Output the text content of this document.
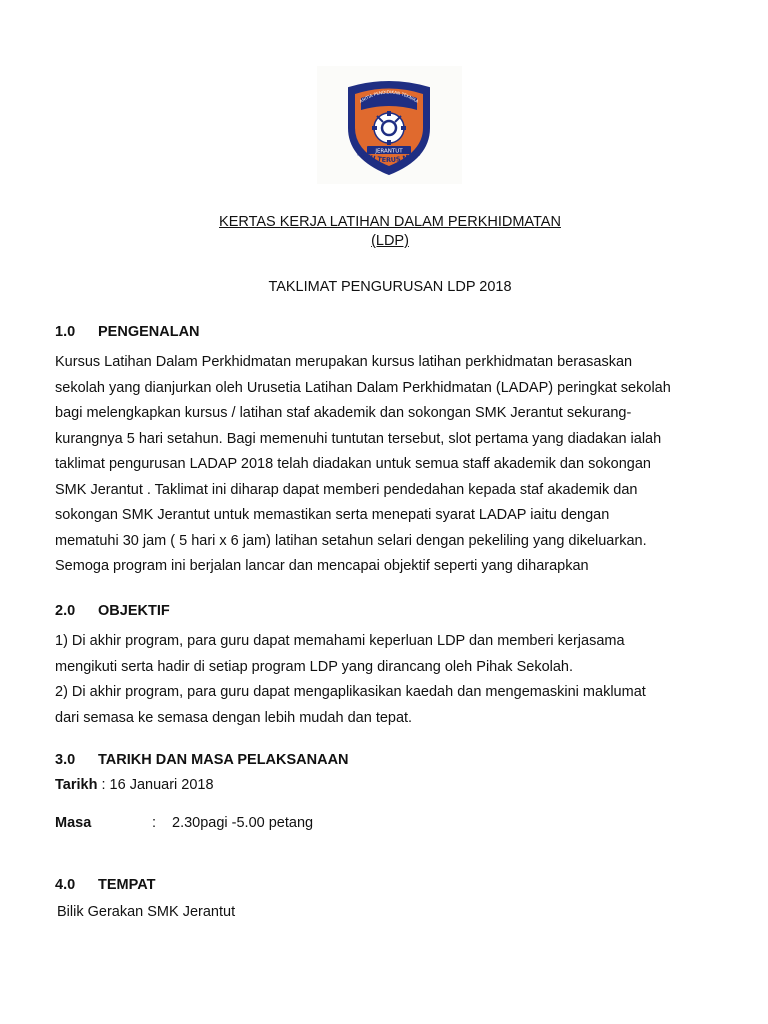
ANITIA PENDIDIKAN TEKNIKA
JERANTUT
MAJU TERUS MAJU
KERTAS KERJA LATIHAN DALAM PERKHIDMATAN
(LDP)
TAKLIMAT PENGURUSAN LDP 2018
1.0 PENGENALAN
Kursus Latihan Dalam Perkhidmatan merupakan kursus latihan perkhidmatan berasaskan
sekolah yang dianjurkan oleh Urusetia Latihan Dalam Perkhidmatan (LADAP) peringkat sekolah
bagi melengkapkan kursus / latihan staf akademik dan sokongan SMK Jerantut sekurang-
kurangnya 5 hari setahun. Bagi memenuhi tuntutan tersebut, slot pertama yang diadakan ialah
taklimat pengurusan LADAP 2018 telah diadakan untuk semua staff akademik dan sokongan
SMK Jerantut . Taklimat ini diharap dapat memberi pendedahan kepada staf akademik dan
sokongan SMK Jerantut untuk memastikan serta menepati syarat LADAP iaitu dengan
mematuhi 30 jam ( 5 hari x 6 jam) latihan setahun selari dengan pekeliling yang dikeluarkan.
Semoga program ini berjalan lancar dan mencapai objektif seperti yang diharapkan
2.0 OBJEKTIF
1) Di akhir program, para guru dapat memahami keperluan LDP dan memberi kerjasama
mengikuti serta hadir di setiap program LDP yang dirancang oleh Pihak Sekolah.
2) Di akhir program, para guru dapat mengaplikasikan kaedah dan mengemaskini maklumat
dari semasa ke semasa dengan lebih mudah dan tepat.
3.0 TARIKH DAN MASA PELAKSANAAN
Tarikh : 16 Januari 2018
Masa	: 2.30pagi -5.00 petang
4.0 TEMPAT
Bilik Gerakan SMK Jerantut
